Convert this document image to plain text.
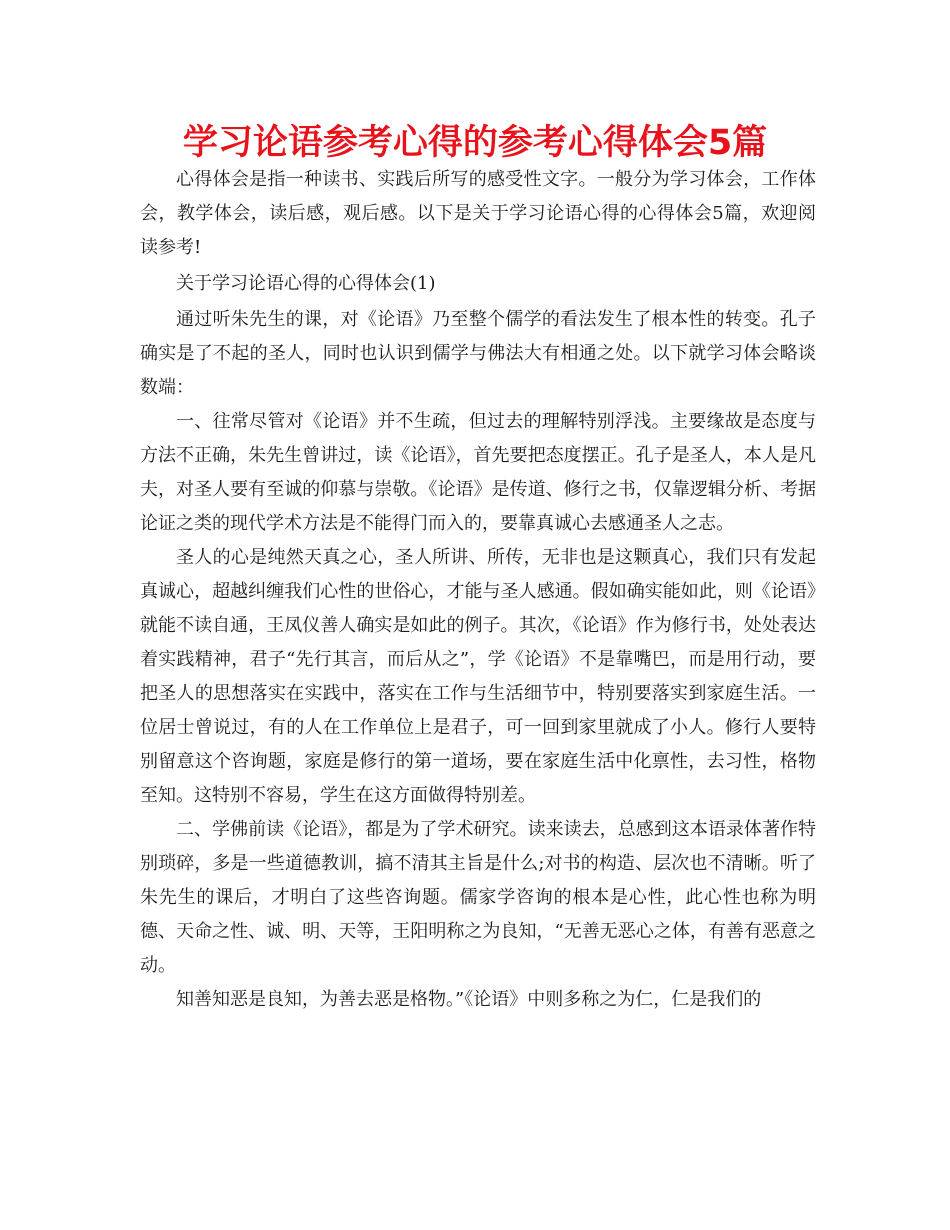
学习论语参考心得的参考心得体会5篇

心得体会是指一种读书、实践后所写的感受性文字。一般分为学习体会，工作体会，教学体会，读后感，观后感。以下是关于学习论语心得的心得体会5篇，欢迎阅读参考!

关于学习论语心得的心得体会(1)

通过听朱先生的课，对《论语》乃至整个儒学的看法发生了根本性的转变。孔子确实是了不起的圣人，同时也认识到儒学与佛法大有相通之处。以下就学习体会略谈数端：

一、往常尽管对《论语》并不生疏，但过去的理解特别浮浅。主要缘故是态度与方法不正确，朱先生曾讲过，读《论语》，首先要把态度摆正。孔子是圣人，本人是凡夫，对圣人要有至诚的仰慕与崇敬。《论语》是传道、修行之书，仅靠逻辑分析、考据论证之类的现代学术方法是不能得门而入的，要靠真诚心去感通圣人之志。

圣人的心是纯然天真之心，圣人所讲、所传，无非也是这颗真心，我们只有发起真诚心，超越纠缠我们心性的世俗心，才能与圣人感通。假如确实能如此，则《论语》就能不读自通，王凤仪善人确实是如此的例子。其次，《论语》作为修行书，处处表达着实践精神，君子“先行其言，而后从之”，学《论语》不是靠嘴巴，而是用行动，要把圣人的思想落实在实践中，落实在工作与生活细节中，特别要落实到家庭生活。一位居士曾说过，有的人在工作单位上是君子，可一回到家里就成了小人。修行人要特别留意这个咨询题，家庭是修行的第一道场，要在家庭生活中化禀性，去习性，格物至知。这特别不容易，学生在这方面做得特别差。

二、学佛前读《论语》，都是为了学术研究。读来读去，总感到这本语录体著作特别琐碎，多是一些道德教训，搞不清其主旨是什么;对书的构造、层次也不清晰。听了朱先生的课后，才明白了这些咨询题。儒家学咨询的根本是心性，此心性也称为明德、天命之性、诚、明、天等，王阳明称之为良知，“无善无恶心之体，有善有恶意之动。

知善知恶是良知，为善去恶是格物。”《论语》中则多称之为仁，仁是我们的
